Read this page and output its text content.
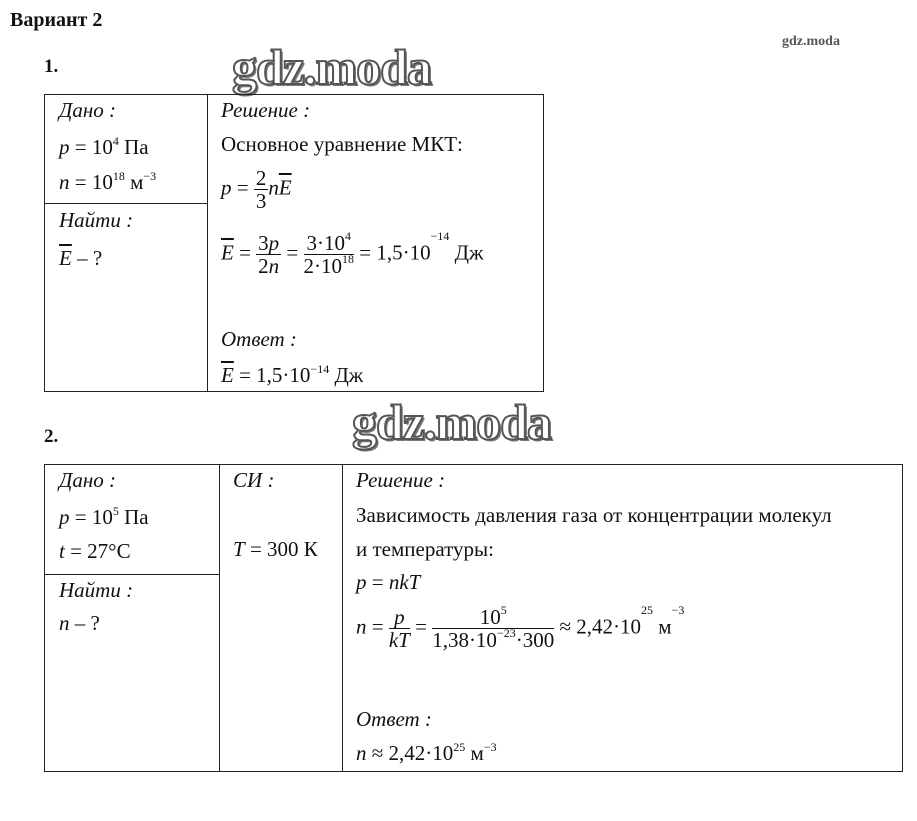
Вариант 2
gdz.moda
1.	gdz.moda
Дано :
$p = 10^4$ Па
$n = 10^{18}$ $м^{-3}$

Решение :
Основное уравнение МКТ:
$p = \frac{2}{3} n\overline{E}$
$\overline{E} = \frac{3p}{2n} = \frac{3\cdot 10^4}{2\cdot 10^{18}} = 1,5\cdot 10^{-14}$ Дж
Ответ :
$\overline{E} = 1,5\cdot 10^{-14}$ Дж

Найти :
$\overline{E}$ – ?
2.	gdz.moda
Дано :
$p = 10^5$ Па
t = 27°C

СИ :
T = 300 К

Решение :
Зависимость давления газа от концентрации молекул
и температуры:
p = nkT
$n = \frac{p}{kT} = \frac{10^5}{1,38\cdot 10^{-23}\cdot 300} \approx 2,42\cdot 10^{25}$ $м^{-3}$
Ответ :
$n \approx 2,42\cdot 10^{25}$ $м^{-3}$

Найти :
n – ?
